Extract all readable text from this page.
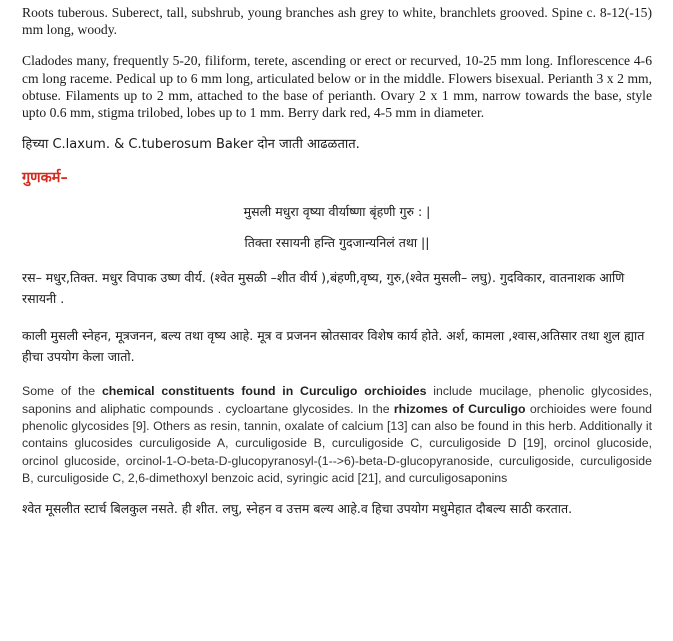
Roots tuberous. Suberect, tall, subshrub, young branches ash grey to white, branchlets grooved. Spine c. 8-12(-15) mm long, woody.

Cladodes many, frequently 5-20, filiform, terete, ascending or erect or recurved, 10-25 mm long. Inflorescence 4-6 cm long raceme. Pedical up to 6 mm long, articulated below or in the middle. Flowers bisexual. Perianth 3 x 2 mm, obtuse. Filaments up to 2 mm, attached to the base of perianth. Ovary 2 x 1 mm, narrow towards the base, style upto 0.6 mm, stigma trilobed, lobes up to 1 mm. Berry dark red, 4-5 mm in diameter.

हिच्या C.laxum. & C.tuberosum Baker दोन जाती आढळतात.

गुणकर्म–

मुसली मधुरा वृष्या वीर्याष्णा बृंहणी गुरु : |

तिक्ता रसायनी हन्ति गुदजान्यनिलं तथा ||

रस– मधुर,तिक्त. मधुर विपाक उष्ण वीर्य. (श्वेत मुसळी –शीत वीर्य ),बंहणी,वृष्य, गुरु,(श्वेत मुसली– लघु). गुदविकार, वातनाशक आणि रसायनी .

काली मुसली स्नेहन, मूत्रजनन, बल्य तथा वृष्य आहे. मूत्र व प्रजनन स्रोतसावर विशेष कार्य होते. अर्श, कामला ,श्वास,अतिसार तथा शुल ह्यात हीचा उपयोग केला जातो.

Some of the chemical constituents found in Curculigo orchioides include mucilage, phenolic glycosides, saponins and aliphatic compounds . cycloartane glycosides. In the rhizomes of Curculigo orchioides were found phenolic glycosides [9]. Others as resin, tannin, oxalate of calcium [13] can also be found in this herb. Additionally it contains glucosides curculigoside A, curculigoside B, curculigoside C, curculigoside D [19], orcinol glucoside, orcinol glucoside, orcinol-1-O-beta-D-glucopyranosyl-(1-->6)-beta-D-glucopyranoside, curculigoside, curculigoside B, curculigoside C, 2,6-dimethoxyl benzoic acid, syringic acid [21], and curculigosaponins

श्वेत मूसलीत स्टार्च बिलकुल नसते. ही शीत. लघु, स्नेहन व उत्तम बल्य आहे.व हिचा उपयोग मधुमेहात दौबल्य साठी करतात.
